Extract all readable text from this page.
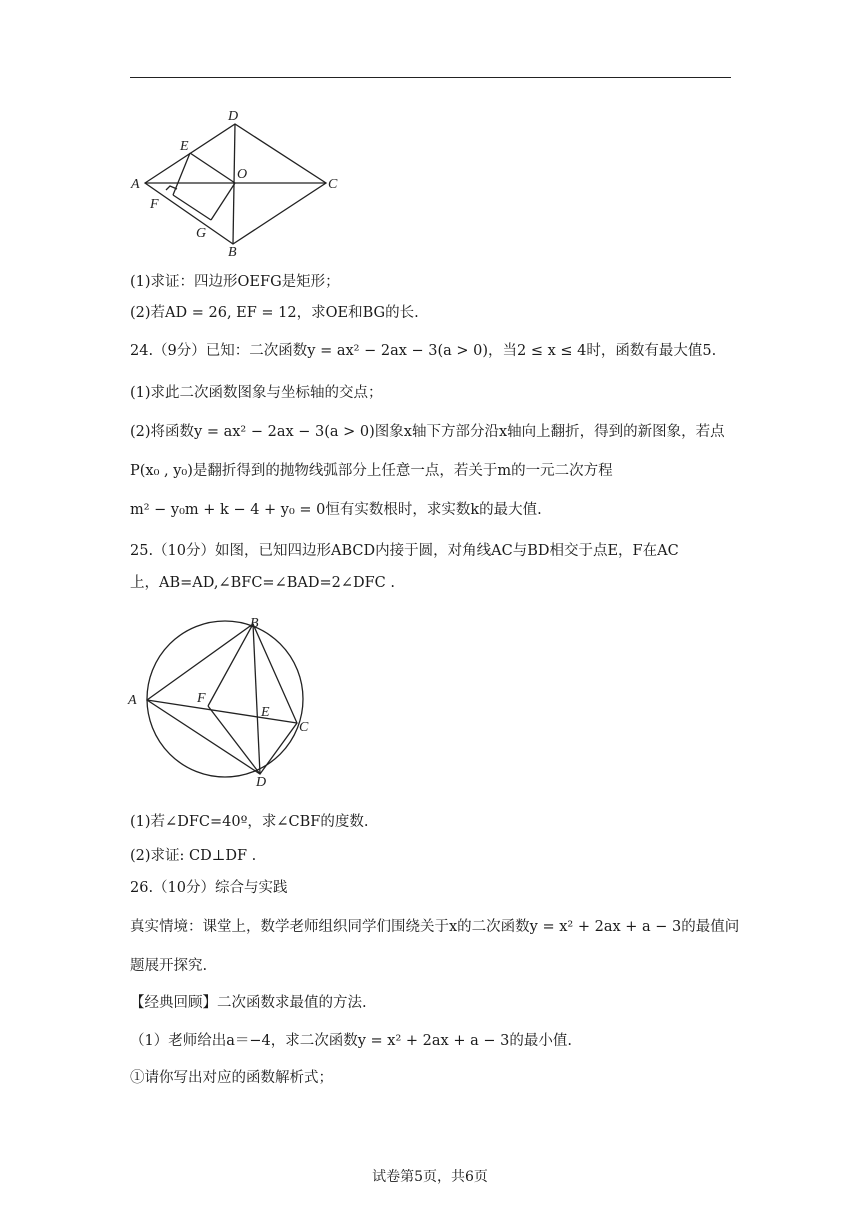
A
D
E
O
C
F
G
B
(1)求证：四边形OEFG是矩形；
(2)若AD = 26, EF = 12，求OE和BG的长.
24.（9分）已知：二次函数y = ax² − 2ax − 3(a > 0)，当2 ≤ x ≤ 4时，函数有最大值5.
(1)求此二次函数图象与坐标轴的交点；
(2)将函数y = ax² − 2ax − 3(a > 0)图象x轴下方部分沿x轴向上翻折，得到的新图象，若点
P(x₀ , y₀)是翻折得到的抛物线弧部分上任意一点，若关于m的一元二次方程
m² − y₀m + k − 4 + y₀ = 0恒有实数根时，求实数k的最大值.
25.（10分）如图，已知四边形ABCD内接于圆，对角线AC与BD相交于点E，F在AC
上，AB=AD,∠BFC=∠BAD=2∠DFC .
A
B
F
E
C
D
(1)若∠DFC=40º，求∠CBF的度数.
(2)求证: CD⊥DF .
26.（10分）综合与实践
真实情境：课堂上，数学老师组织同学们围绕关于x的二次函数y = x² + 2ax + a − 3的最值问
题展开探究.
【经典回顾】二次函数求最值的方法.
（1）老师给出a＝−4，求二次函数y = x² + 2ax + a − 3的最小值.
①请你写出对应的函数解析式；
试卷第5页，共6页
